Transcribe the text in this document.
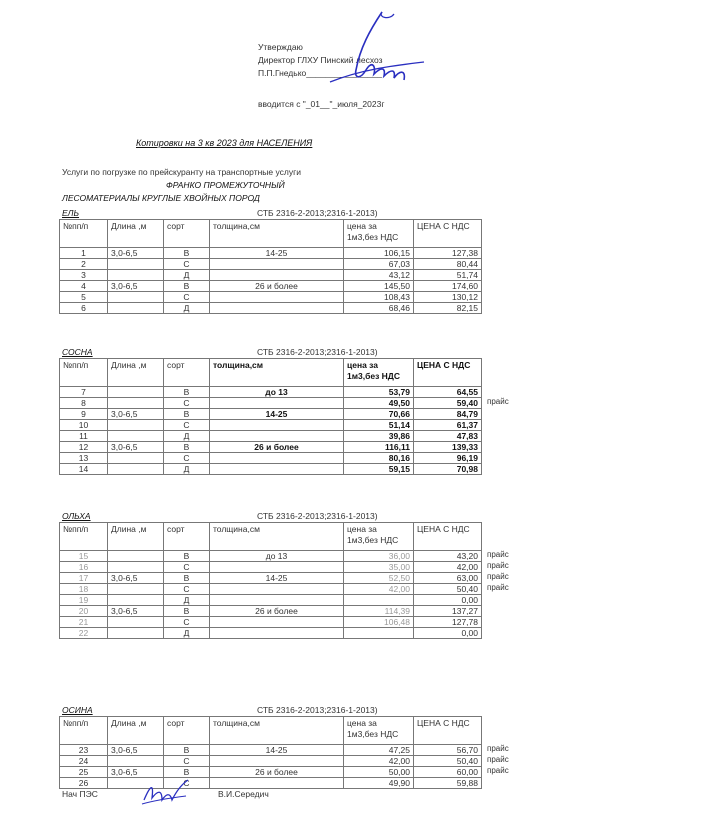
Утверждаю
Директор ГЛХУ Пинский лесхоз
П.П.Гнедько________________
вводится с "_01__"_июля_2023г
Котировки на 3 кв 2023 для НАСЕЛЕНИЯ
Услуги по погрузке по прейскуранту на транспортные услуги
ФРАНКО ПРОМЕЖУТОЧНЫЙ
ЛЕСОМАТЕРИАЛЫ КРУГЛЫЕ ХВОЙНЫХ ПОРОД
ЕЛЬ	СТБ 2316-2-2013;2316-1-2013)
№пп/п	Длина ,м	сорт	толщина,см	цена за 1м3,без НДС	ЦЕНА С НДС
1	3,0-6,5	В	14-25	106,15	127,38
2		С		67,03	80,44
3		Д		43,12	51,74
4	3,0-6,5	В	26 и более	145,50	174,60
5		С		108,43	130,12
6		Д		68,46	82,15
СОСНА	СТБ 2316-2-2013;2316-1-2013)
№пп/п	Длина ,м	сорт	толщина,см	цена за 1м3,без НДС	ЦЕНА С НДС
7		В	до 13	53,79	64,55
8		С		49,50	59,40
9	3,0-6,5	В	14-25	70,66	84,79
10		С		51,14	61,37
11		Д		39,86	47,83
12	3,0-6,5	В	26 и более	116,11	139,33
13		С		80,16	96,19
14		Д		59,15	70,98
прайс
ОЛЬХА	СТБ 2316-2-2013;2316-1-2013)
№пп/п	Длина ,м	сорт	толщина,см	цена за 1м3,без НДС	ЦЕНА С НДС
15		В	до 13	36,00	43,20
16		С		35,00	42,00
17	3,0-6,5	В	14-25	52,50	63,00
18		С		42,00	50,40
19		Д			0,00
20	3,0-6,5	В	26 и более	114,39	137,27
21		С		106,48	127,78
22		Д			0,00
прайс
прайс
прайс
прайс
ОСИНА	СТБ 2316-2-2013;2316-1-2013)
№пп/п	Длина ,м	сорт	толщина,см	цена за 1м3,без НДС	ЦЕНА С НДС
23	3,0-6,5	В	14-25	47,25	56,70
24		С		42,00	50,40
25	3,0-6,5	В	26 и более	50,00	60,00
26		С		49,90	59,88
прайс
прайс
прайс
Нач ПЭС	В.И.Середич
